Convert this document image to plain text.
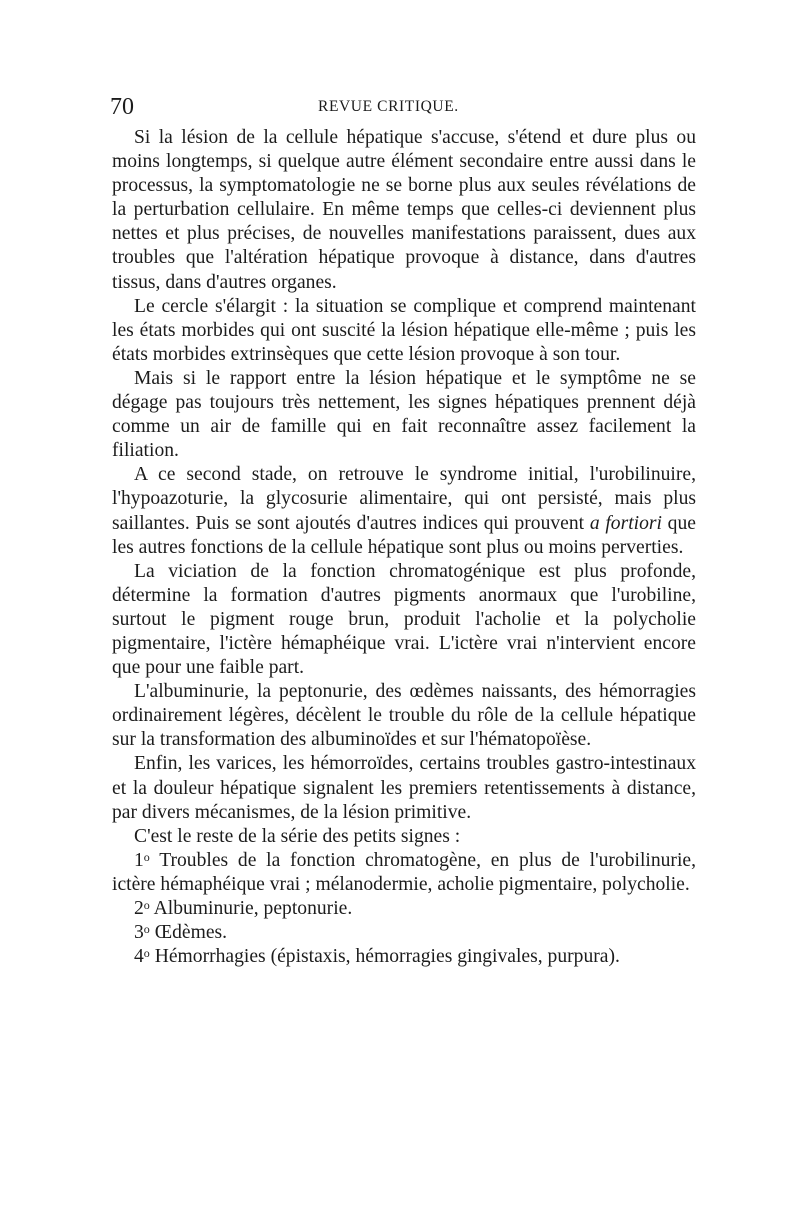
70	REVUE CRITIQUE.

Si la lésion de la cellule hépatique s'accuse, s'étend et dure plus ou moins longtemps, si quelque autre élément secondaire entre aussi dans le processus, la symptomatologie ne se borne plus aux seules révélations de la perturbation cellulaire. En même temps que celles-ci deviennent plus nettes et plus précises, de nouvelles manifestations paraissent, dues aux troubles que l'altération hépatique provoque à distance, dans d'autres tissus, dans d'autres organes.

Le cercle s'élargit : la situation se complique et comprend maintenant les états morbides qui ont suscité la lésion hépatique elle-même ; puis les états morbides extrinsèques que cette lésion provoque à son tour.

Mais si le rapport entre la lésion hépatique et le symptôme ne se dégage pas toujours très nettement, les signes hépatiques prennent déjà comme un air de famille qui en fait reconnaître assez facilement la filiation.

A ce second stade, on retrouve le syndrome initial, l'urobilinuire, l'hypoazoturie, la glycosurie alimentaire, qui ont persisté, mais plus saillantes. Puis se sont ajoutés d'autres indices qui prouvent a fortiori que les autres fonctions de la cellule hépatique sont plus ou moins perverties.

La viciation de la fonction chromatogénique est plus profonde, détermine la formation d'autres pigments anormaux que l'urobiline, surtout le pigment rouge brun, produit l'acholie et la polycholie pigmentaire, l'ictère hémaphéique vrai. L'ictère vrai n'intervient encore que pour une faible part.

L'albuminurie, la peptonurie, des œdèmes naissants, des hémorragies ordinairement légères, décèlent le trouble du rôle de la cellule hépatique sur la transformation des albuminoïdes et sur l'hématopoïèse.

Enfin, les varices, les hémorroïdes, certains troubles gastro-intestinaux et la douleur hépatique signalent les premiers retentissements à distance, par divers mécanismes, de la lésion primitive.

C'est le reste de la série des petits signes :

1$^o$ Troubles de la fonction chromatogène, en plus de l'urobilinurie, ictère hémaphéique vrai ; mélanodermie, acholie pigmentaire, polycholie.

2$^o$ Albuminurie, peptonurie.

3$^o$ Œdèmes.

4$^o$ Hémorrhagies (épistaxis, hémorragies gingivales, purpura).
